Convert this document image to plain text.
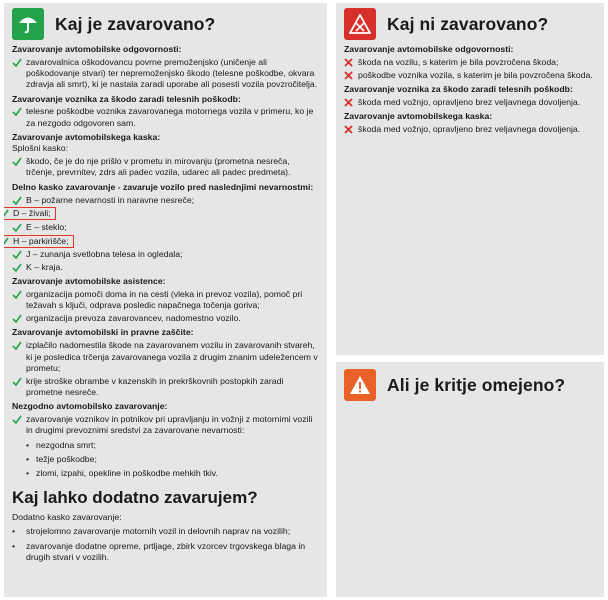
Kaj je zavarovano?
Zavarovanje avtomobilske odgovornosti:
zavarovalnica oškodovancu povrne premoženjsko (uničenje ali poškodovanje stvari) ter nepremoženjsko škodo (telesne poškodbe, okvara zdravja ali smrt), ki je nastala zaradi uporabe ali posesti vozila povzročitelja.
Zavarovanje voznika za škodo zaradi telesnih poškodb:
telesne poškodbe voznika zavarovanega motornega vozila v primeru, ko je za nezgodo odgovoren sam.
Zavarovanje avtomobilskega kaska:
Splošni kasko:
škodo, če je do nje prišlo v prometu in mirovanju (prometna nesreča, trčenje, prevrnitev, zdrs ali padec vozila, udarec ali padec predmeta).
Delno kasko zavarovanje - zavaruje vozilo pred naslednjimi nevarnostmi:
B – požarne nevarnosti in naravne nesreče;
D – živali;
E – steklo;
H – parkirišče;
J – zunanja svetlobna telesa in ogledala;
K – kraja.
Zavarovanje avtomobilske asistence:
organizacija pomoči doma in na cesti (vleka in prevoz vozila), pomoč pri težavah s ključi, odprava posledic napačnega točenja goriva;
organizacija prevoza zavarovancev, nadomestno vozilo.
Zavarovanje avtomobilski in pravne zaščite:
izplačilo nadomestila škode na zavarovanem vozilu in zavarovanih stvareh, ki je posledica trčenja zavarovanega vozila z drugim znanim udeležencem v prometu;
krije stroške obrambe v kazenskih in prekrškovnih postopkih zaradi prometne nesreče.
Nezgodno avtomobilsko zavarovanje:
zavarovanje voznikov in potnikov pri upravljanju in vožnji z motornimi vozili in drugimi prevoznimi sredstvi za zavarovane nevarnosti:
• nezgodna smrt;
• težje poškodbe;
• zlomi, izpahi, opekline in poškodbe mehkih tkiv.
Kaj lahko dodatno zavarujem?
Dodatno kasko zavarovanje:
•	strojelomno zavarovanje motornih vozil in delovnih naprav na vozilih;
•	zavarovanje dodatne opreme, prtljage, zbirk vzorcev trgovskega blaga in drugih stvari v vozilih.
Kaj ni zavarovano?
Zavarovanje avtomobilske odgovornosti:
škoda na vozilu, s katerim je bila povzročena škoda;
poškodbe voznika vozila, s katerim je bila povzročena škoda.
Zavarovanje voznika za škodo zaradi telesnih poškodb:
škoda med vožnjo, opravljeno brez veljavnega dovoljenja.
Zavarovanje avtomobilskega kaska:
škoda med vožnjo, opravljeno brez veljavnega dovoljenja.
Ali je kritje omejeno?
